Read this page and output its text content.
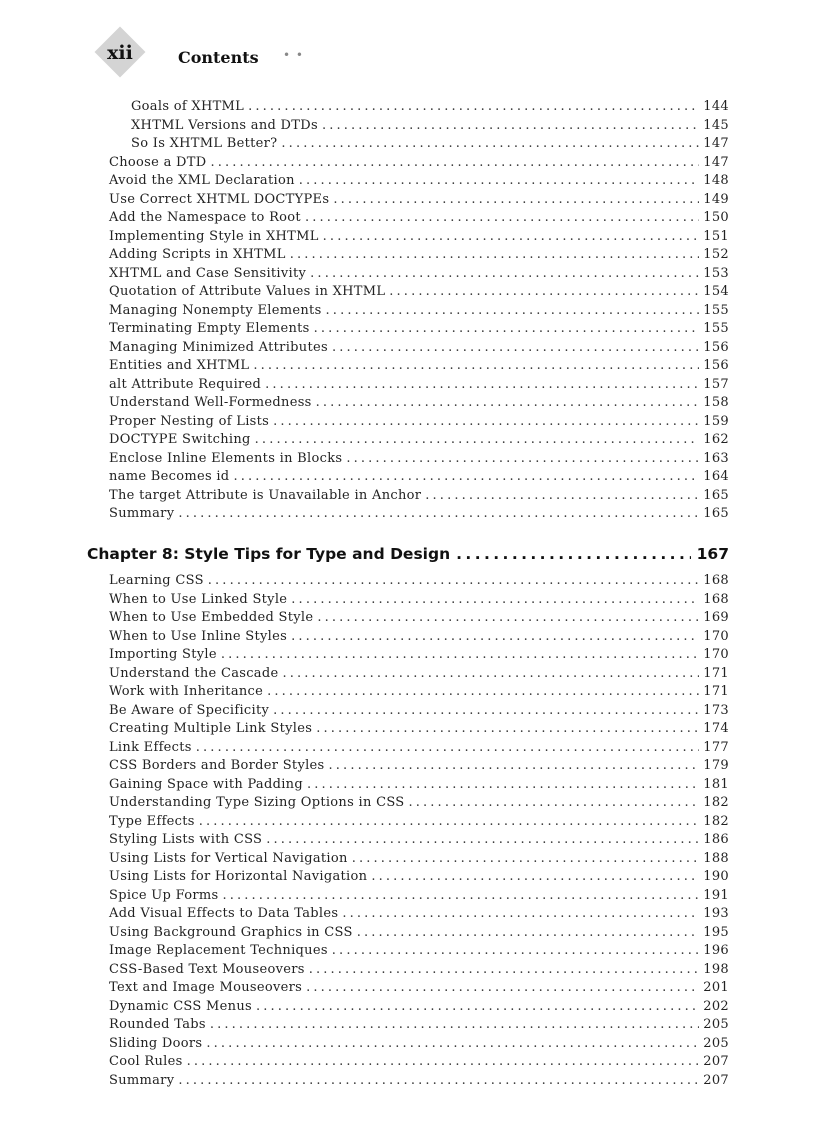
xii	Contents • •
Goals of XHTML . . .	144
XHTML Versions and DTDs . . .	145
So Is XHTML Better? . . .	147
Choose a DTD . . .	147
Avoid the XML Declaration . . .	148
Use Correct XHTML DOCTYPEs . . .	149
Add the Namespace to Root . . .	150
Implementing Style in XHTML . . .	151
Adding Scripts in XHTML . . .	152
XHTML and Case Sensitivity . . .	153
Quotation of Attribute Values in XHTML . . .	154
Managing Nonempty Elements . . .	155
Terminating Empty Elements . . .	155
Managing Minimized Attributes . . .	156
Entities and XHTML . . .	156
alt Attribute Required . . .	157
Understand Well-Formedness . . .	158
Proper Nesting of Lists . . .	159
DOCTYPE Switching . . .	162
Enclose Inline Elements in Blocks . . .	163
name Becomes id . . .	164
The target Attribute is Unavailable in Anchor . . .	165
Summary . . .	165
Chapter 8: Style Tips for Type and Design . . .	167
Learning CSS . . .	168
When to Use Linked Style . . .	168
When to Use Embedded Style . . .	169
When to Use Inline Styles . . .	170
Importing Style . . .	170
Understand the Cascade . . .	171
Work with Inheritance . . .	171
Be Aware of Specificity . . .	173
Creating Multiple Link Styles . . .	174
Link Effects . . .	177
CSS Borders and Border Styles . . .	179
Gaining Space with Padding . . .	181
Understanding Type Sizing Options in CSS . . .	182
Type Effects . . .	182
Styling Lists with CSS . . .	186
Using Lists for Vertical Navigation . . .	188
Using Lists for Horizontal Navigation . . .	190
Spice Up Forms . . .	191
Add Visual Effects to Data Tables . . .	193
Using Background Graphics in CSS . . .	195
Image Replacement Techniques . . .	196
CSS-Based Text Mouseovers . . .	198
Text and Image Mouseovers . . .	201
Dynamic CSS Menus . . .	202
Rounded Tabs . . .	205
Sliding Doors . . .	205
Cool Rules . . .	207
Summary . . .	207
